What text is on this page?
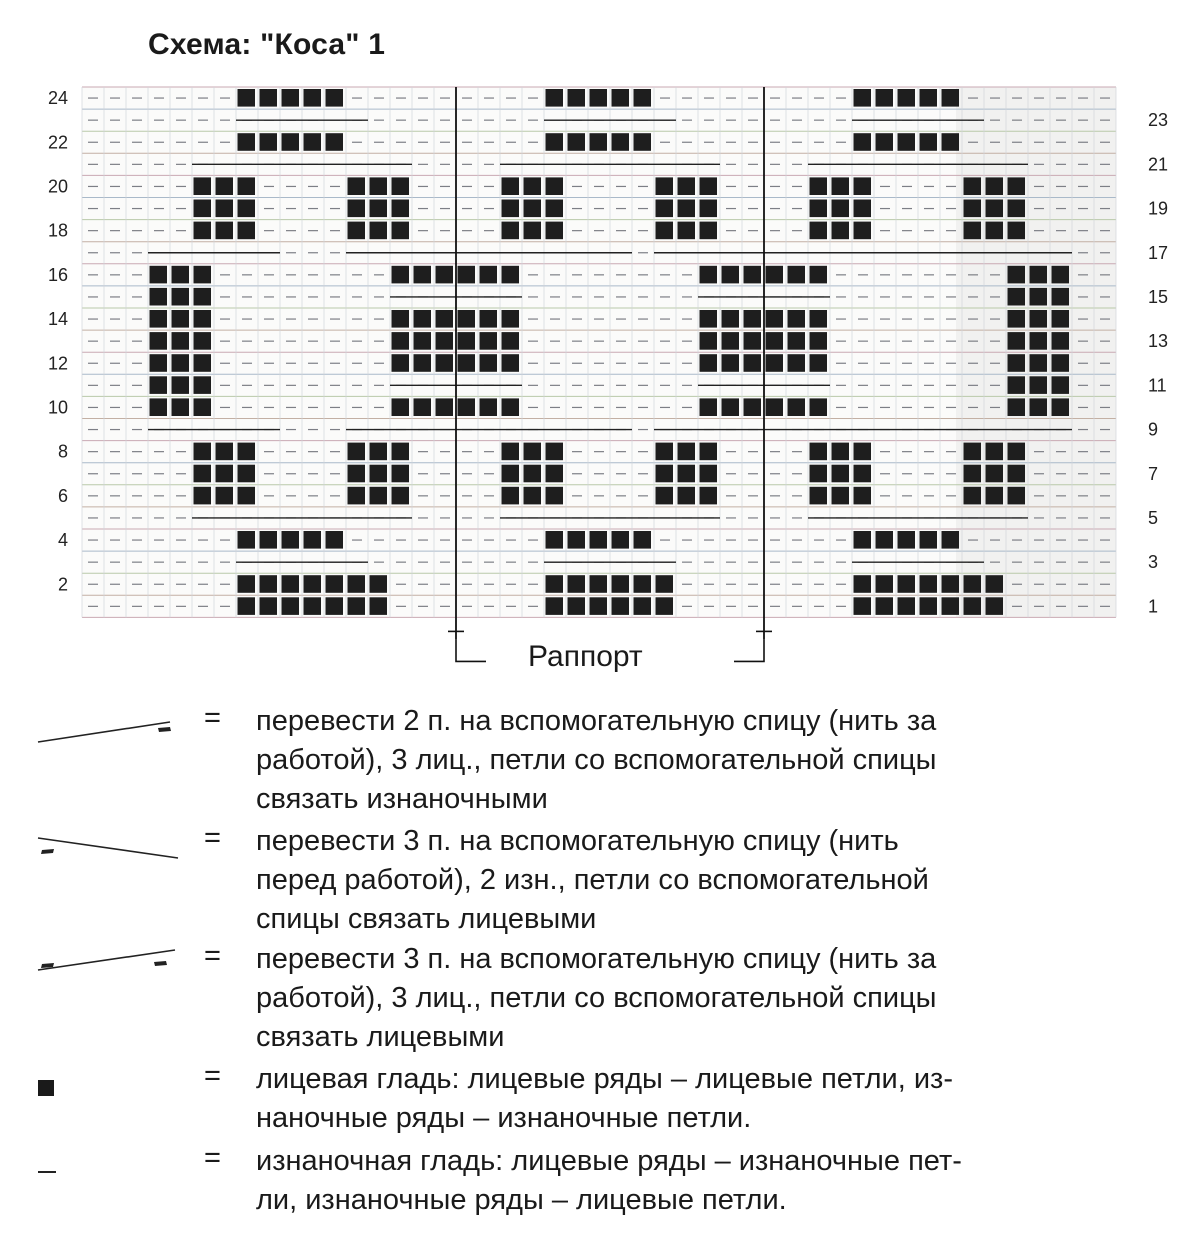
Схема: "Коса" 1
24
22
20
18
16
14
12
10
8
6
4
2
23
21
19
17
15
13
11
9
7
5
3
1
Раппорт
= перевести 2 п. на вспомогательную спицу (нить за
работой), 3 лиц., петли со вспомогательной спицы
связать изнаночными
= перевести 3 п. на вспомогательную спицу (нить
перед работой), 2 изн., петли со вспомогательной
спицы связать лицевыми
= перевести 3 п. на вспомогательную спицу (нить за
работой), 3 лиц., петли со вспомогательной спицы
связать лицевыми
= лицевая гладь: лицевые ряды – лицевые петли, из-
наночные ряды – изнаночные петли.
= изнаночная гладь: лицевые ряды – изнаночные пет-
ли, изнаночные ряды – лицевые петли.
